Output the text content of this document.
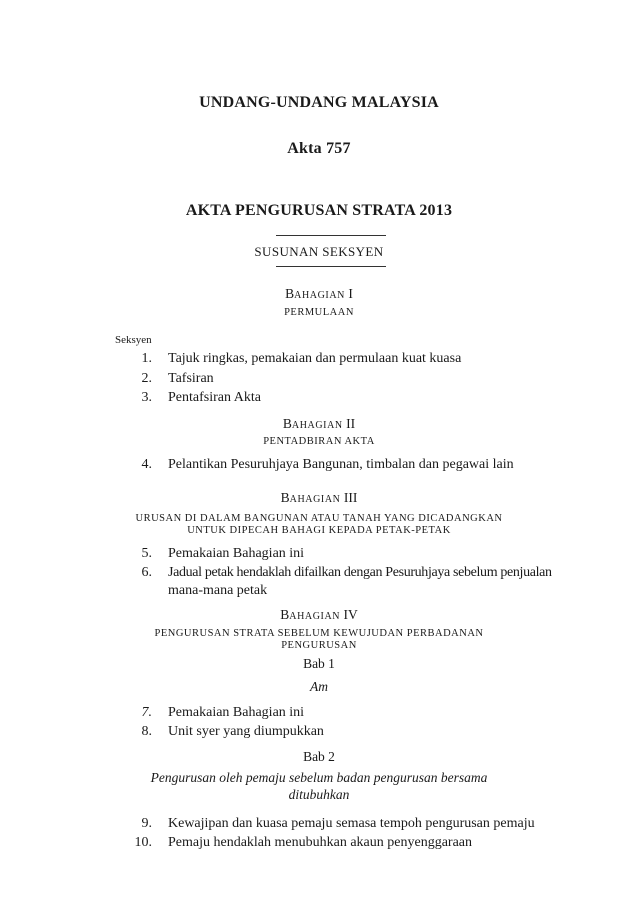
UNDANG-UNDANG MALAYSIA
Akta 757
AKTA PENGURUSAN STRATA 2013
SUSUNAN SEKSYEN
BAHAGIAN I
PERMULAAN
Seksyen
1. Tajuk ringkas, pemakaian dan permulaan kuat kuasa
2. Tafsiran
3. Pentafsiran Akta
BAHAGIAN II
PENTADBIRAN AKTA
4. Pelantikan Pesuruhjaya Bangunan, timbalan dan pegawai lain
BAHAGIAN III
URUSAN DI DALAM BANGUNAN ATAU TANAH YANG DICADANGKAN
UNTUK DIPECAH BAHAGI KEPADA PETAK-PETAK
5. Pemakaian Bahagian ini
6. Jadual petak hendaklah difailkan dengan Pesuruhjaya sebelum penjualan
mana-mana petak
BAHAGIAN IV
PENGURUSAN STRATA SEBELUM KEWUJUDAN PERBADANAN
PENGURUSAN
Bab 1
Am
7. Pemakaian Bahagian ini
8. Unit syer yang diumpukkan
Bab 2
Pengurusan oleh pemaju sebelum badan pengurusan bersama
ditubuhkan
9. Kewajipan dan kuasa pemaju semasa tempoh pengurusan pemaju
10. Pemaju hendaklah menubuhkan akaun penyenggaraan
